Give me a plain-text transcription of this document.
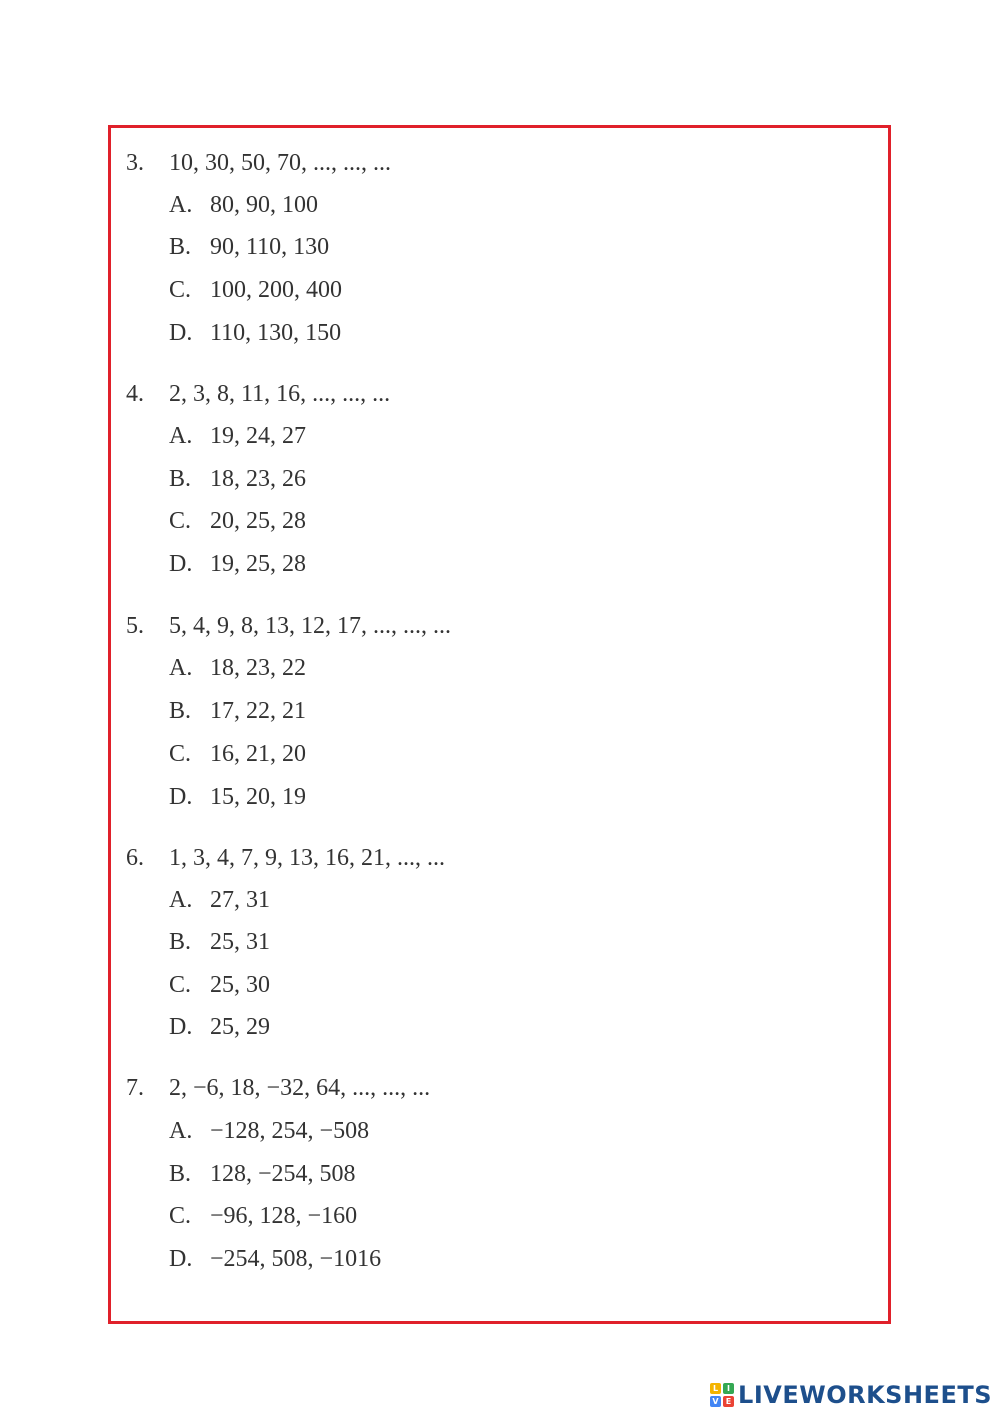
3.	10, 30, 50, 70, ..., ..., ...
A. 80, 90, 100
B. 90, 110, 130
C. 100, 200, 400
D. 110, 130, 150
4.	2, 3, 8, 11, 16, ..., ..., ...
A. 19, 24, 27
B. 18, 23, 26
C. 20, 25, 28
D. 19, 25, 28
5.	5, 4, 9, 8, 13, 12, 17, ..., ..., ...
A. 18, 23, 22
B. 17, 22, 21
C. 16, 21, 20
D. 15, 20, 19
6.	1, 3, 4, 7, 9, 13, 16, 21, ..., ...
A. 27, 31
B. 25, 31
C. 25, 30
D. 25, 29
7.	2, −6, 18, −32, 64, ..., ..., ...
A. −128, 254, −508
B. 128, −254, 508
C. −96, 128, −160
D. −254, 508, −1016
L	I
V E LIVEWORKSHEETS
